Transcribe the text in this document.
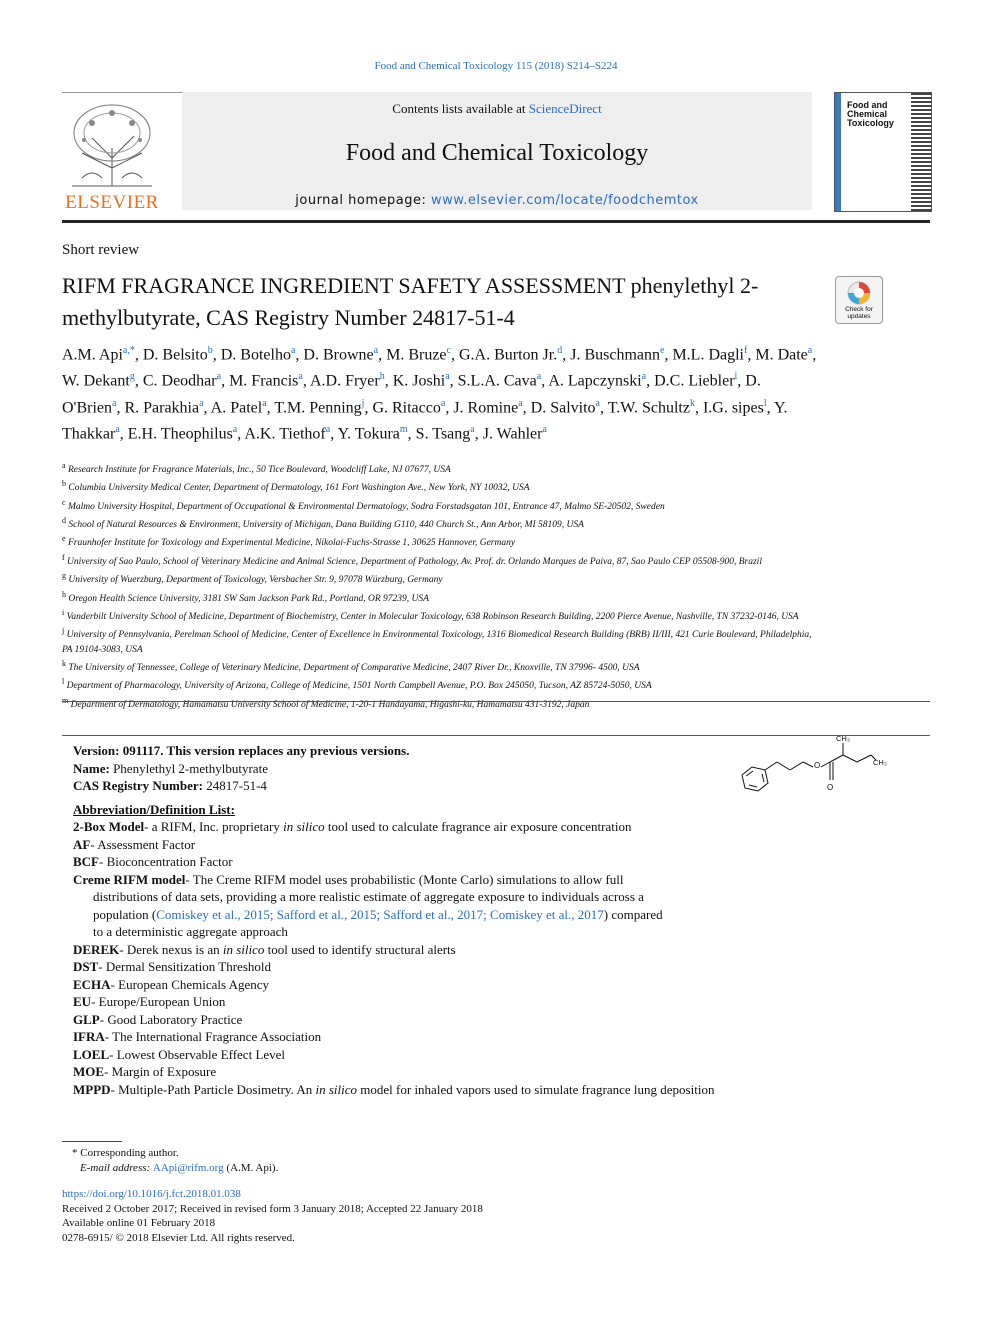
Food and Chemical Toxicology 115 (2018) S214–S224
ELSEVIER
Contents lists available at ScienceDirect
Food and Chemical Toxicology
journal homepage: www.elsevier.com/locate/foodchemtox
Food and Chemical Toxicology
Short review
RIFM FRAGRANCE INGREDIENT SAFETY ASSESSMENT phenylethyl 2-methylbutyrate, CAS Registry Number 24817-51-4	Check for updates
A.M. Api$^{a,*}$, D. Belsito$^b$, D. Botelho$^a$, D. Browne$^a$, M. Bruze$^c$, G.A. Burton Jr.$^d$, J. Buschmann$^e$, M.L. Dagli$^f$, M. Date$^a$, W. Dekant$^g$, C. Deodhar$^a$, M. Francis$^a$, A.D. Fryer$^h$, K. Joshi$^a$, S.L.A. Cava$^a$, A. Lapczynski$^a$, D.C. Liebler$^i$, D. O'Brien$^a$, R. Parakhia$^a$, A. Patel$^a$, T.M. Penning$^j$, G. Ritacco$^a$, J. Romine$^a$, D. Salvito$^a$, T.W. Schultz$^k$, I.G. sipes$^l$, Y. Thakkar$^a$, E.H. Theophilus$^a$, A.K. Tiethof$^a$, Y. Tokura$^m$, S. Tsang$^a$, J. Wahler$^a$
$^a$ Research Institute for Fragrance Materials, Inc., 50 Tice Boulevard, Woodcliff Lake, NJ 07677, USA
$^b$ Columbia University Medical Center, Department of Dermatology, 161 Fort Washington Ave., New York, NY 10032, USA
$^c$ Malmo University Hospital, Department of Occupational & Environmental Dermatology, Sodra Forstadsgatan 101, Entrance 47, Malmo SE-20502, Sweden
$^d$ School of Natural Resources & Environment, University of Michigan, Dana Building G110, 440 Church St., Ann Arbor, MI 58109, USA
$^e$ Fraunhofer Institute for Toxicology and Experimental Medicine, Nikolai-Fuchs-Strasse 1, 30625 Hannover, Germany
$^f$ University of Sao Paulo, School of Veterinary Medicine and Animal Science, Department of Pathology, Av. Prof. dr. Orlando Marques de Paiva, 87, Sao Paulo CEP 05508-900, Brazil
$^g$ University of Wuerzburg, Department of Toxicology, Versbacher Str. 9, 97078 Würzburg, Germany
$^h$ Oregon Health Science University, 3181 SW Sam Jackson Park Rd., Portland, OR 97239, USA
$^i$ Vanderbilt University School of Medicine, Department of Biochemistry, Center in Molecular Toxicology, 638 Robinson Research Building, 2200 Pierce Avenue, Nashville, TN 37232-0146, USA
$^j$ University of Pennsylvania, Perelman School of Medicine, Center of Excellence in Environmental Toxicology, 1316 Biomedical Research Building (BRB) II/III, 421 Curie Boulevard, Philadelphia, PA 19104-3083, USA
$^k$ The University of Tennessee, College of Veterinary Medicine, Department of Comparative Medicine, 2407 River Dr., Knoxville, TN 37996- 4500, USA
$^l$ Department of Pharmacology, University of Arizona, College of Medicine, 1501 North Campbell Avenue, P.O. Box 245050, Tucson, AZ 85724-5050, USA
$^m$ Department of Dermatology, Hamamatsu University School of Medicine, 1-20-1 Handayama, Higashi-ku, Hamamatsu 431-3192, Japan
CH₃
CH₃
O
O
Version: 091117. This version replaces any previous versions.
Name: Phenylethyl 2-methylbutyrate
CAS Registry Number: 24817-51-4
Abbreviation/Definition List:
2-Box Model- a RIFM, Inc. proprietary in silico tool used to calculate fragrance air exposure concentration
AF- Assessment Factor
BCF- Bioconcentration Factor
Creme RIFM model- The Creme RIFM model uses probabilistic (Monte Carlo) simulations to allow full
distributions of data sets, providing a more realistic estimate of aggregate exposure to individuals across a
population (Comiskey et al., 2015; Safford et al., 2015; Safford et al., 2017; Comiskey et al., 2017) compared
to a deterministic aggregate approach
DEREK- Derek nexus is an in silico tool used to identify structural alerts
DST- Dermal Sensitization Threshold
ECHA- European Chemicals Agency
EU- Europe/European Union
GLP- Good Laboratory Practice
IFRA- The International Fragrance Association
LOEL- Lowest Observable Effect Level
MOE- Margin of Exposure
MPPD- Multiple-Path Particle Dosimetry. An in silico model for inhaled vapors used to simulate fragrance lung deposition
* Corresponding author.
E-mail address: AApi@rifm.org (A.M. Api).
https://doi.org/10.1016/j.fct.2018.01.038
Received 2 October 2017; Received in revised form 3 January 2018; Accepted 22 January 2018
Available online 01 February 2018
0278-6915/ © 2018 Elsevier Ltd. All rights reserved.
